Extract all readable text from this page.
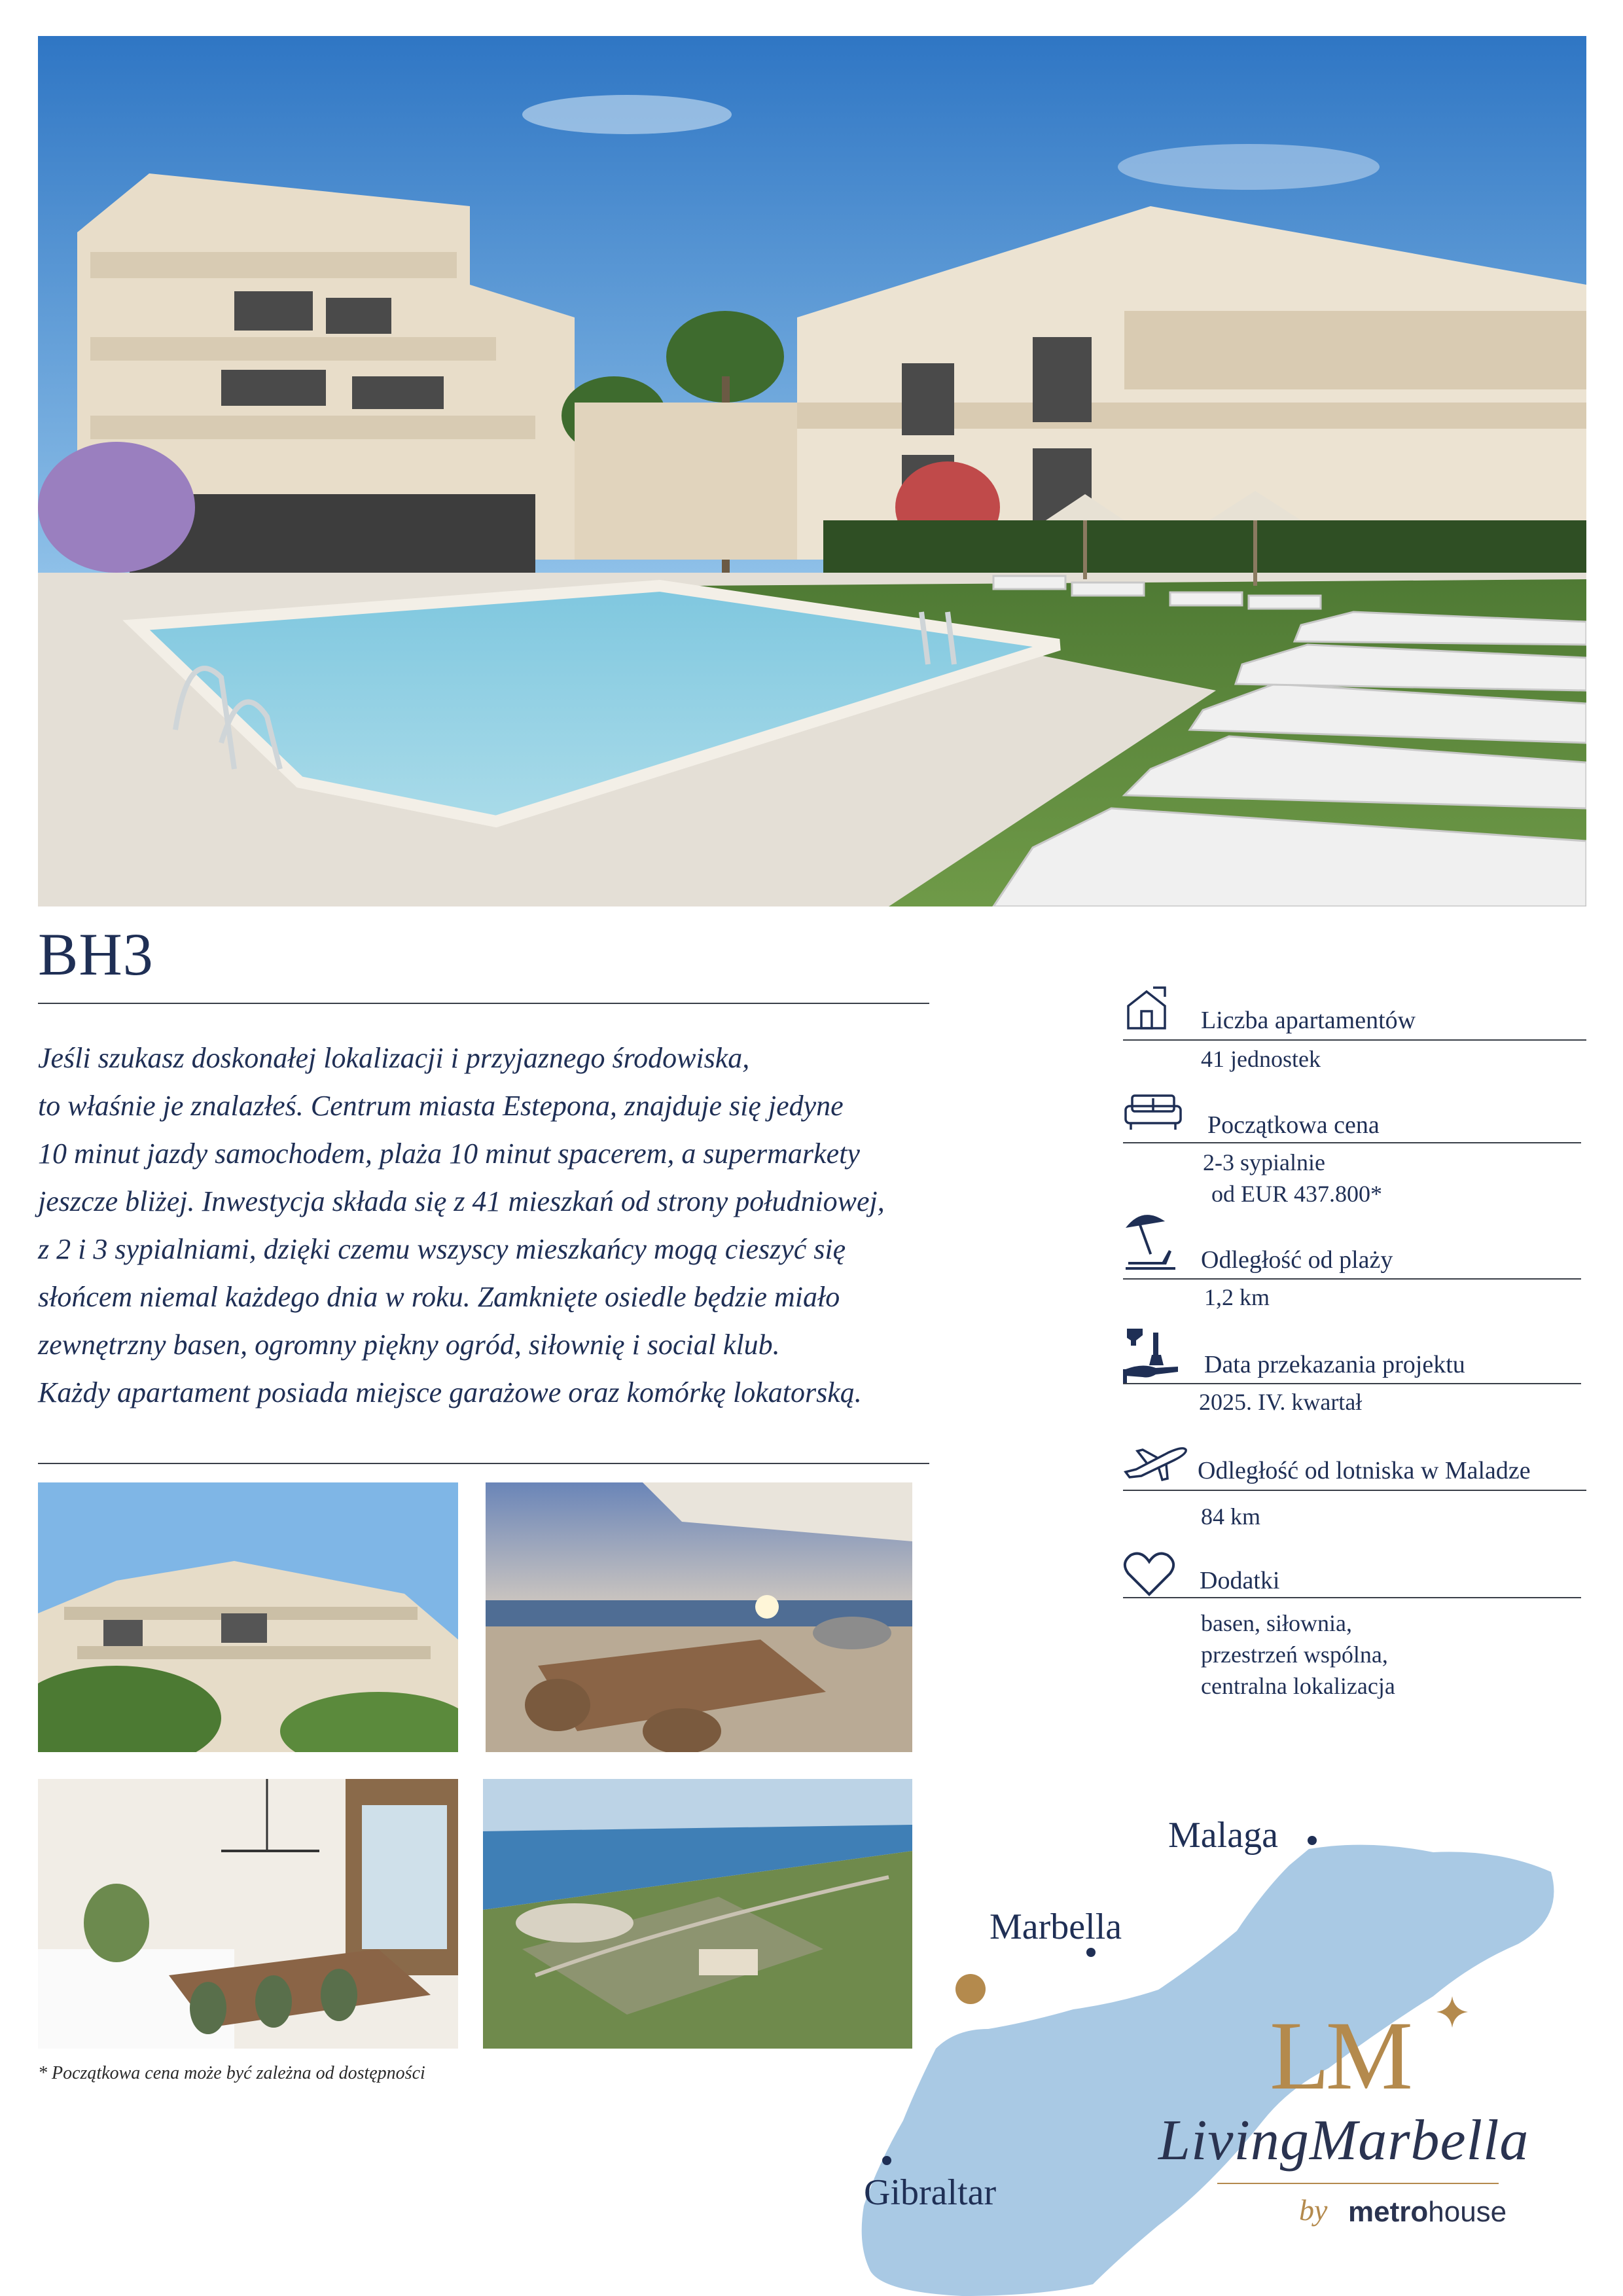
BH3

Jeśli szukasz doskonałej lokalizacji i przyjaznego środowiska,

to właśnie je znalazłeś. Centrum miasta Estepona, znajduje się jedyne

10 minut jazdy samochodem, plaża 10 minut spacerem, a supermarkety

jeszcze bliżej. Inwestycja składa się z 41 mieszkań od strony południowej,

z 2 i 3 sypialniami, dzięki czemu wszyscy mieszkańcy mogą cieszyć się

słońcem niemal każdego dnia w roku. Zamknięte osiedle będzie miało

zewnętrzny basen, ogromny piękny ogród, siłownię i social klub.

Każdy apartament posiada miejsce garażowe oraz komórkę lokatorską.

* Początkowa cena może być zależna od dostępności
Liczba apartamentów
41 jednostek
Początkowa cena
2-3 sypialnie
od EUR 437.800*
Odległość od plaży
1,2 km
Data przekazania projektu
2025. IV. kwartał
Odległość od lotniska w Maladze
84 km
Dodatki
basen, siłownia,
przestrzeń wspólna,
centralna lokalizacja
Malaga
Marbella
Gibraltar
LM
LivingMarbella
by metrohouse
